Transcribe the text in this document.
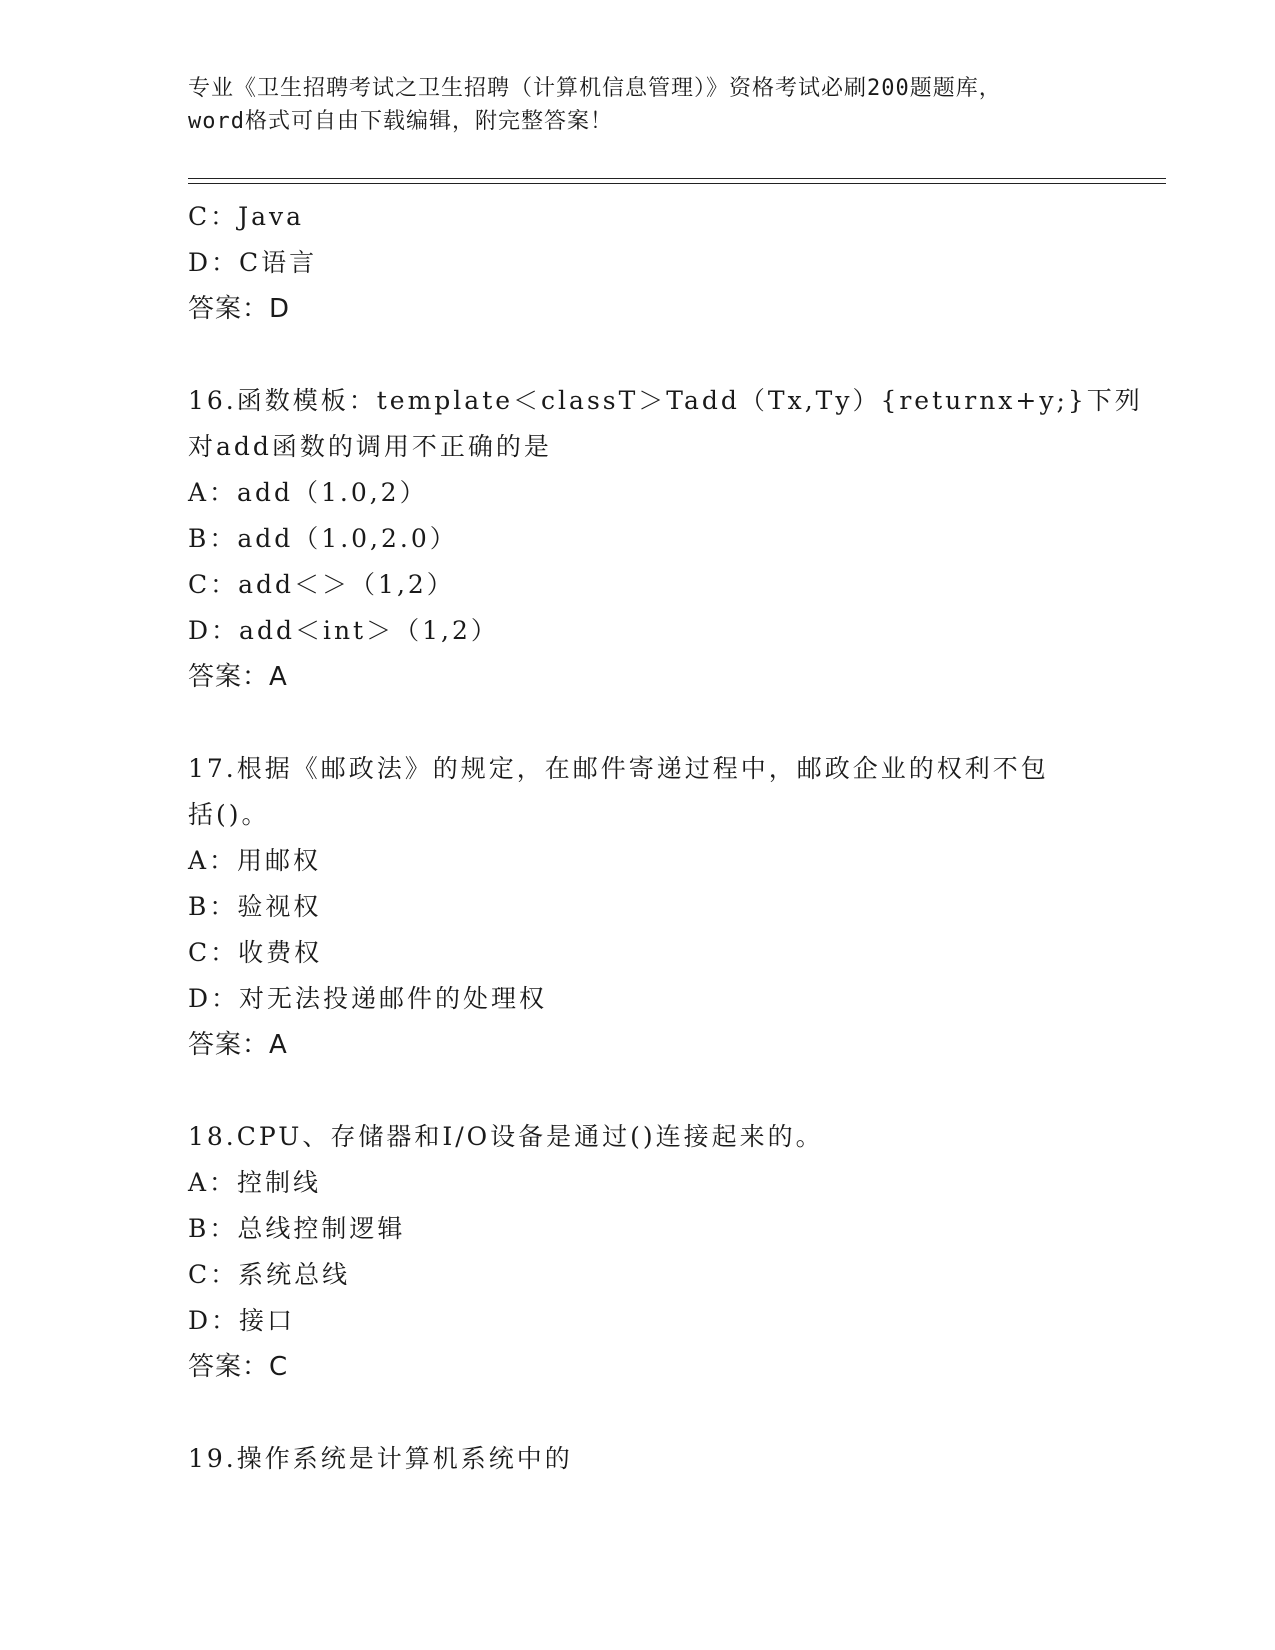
专业《卫生招聘考试之卫生招聘（计算机信息管理）》资格考试必刷200题题库，
word格式可自由下载编辑，附完整答案！
C：Java
D：C语言
答案：D
16.函数模板：template＜classT＞Tadd（Tx,Ty）{returnx+y;}下列
对add函数的调用不正确的是
A：add（1.0,2）
B：add（1.0,2.0）
C：add＜＞（1,2）
D：add＜int＞（1,2）
答案：A
17.根据《邮政法》的规定，在邮件寄递过程中，邮政企业的权利不包
括()。
A：用邮权
B：验视权
C：收费权
D：对无法投递邮件的处理权
答案：A
18.CPU、存储器和I/O设备是通过()连接起来的。
A：控制线
B：总线控制逻辑
C：系统总线
D：接口
答案：C
19.操作系统是计算机系统中的
